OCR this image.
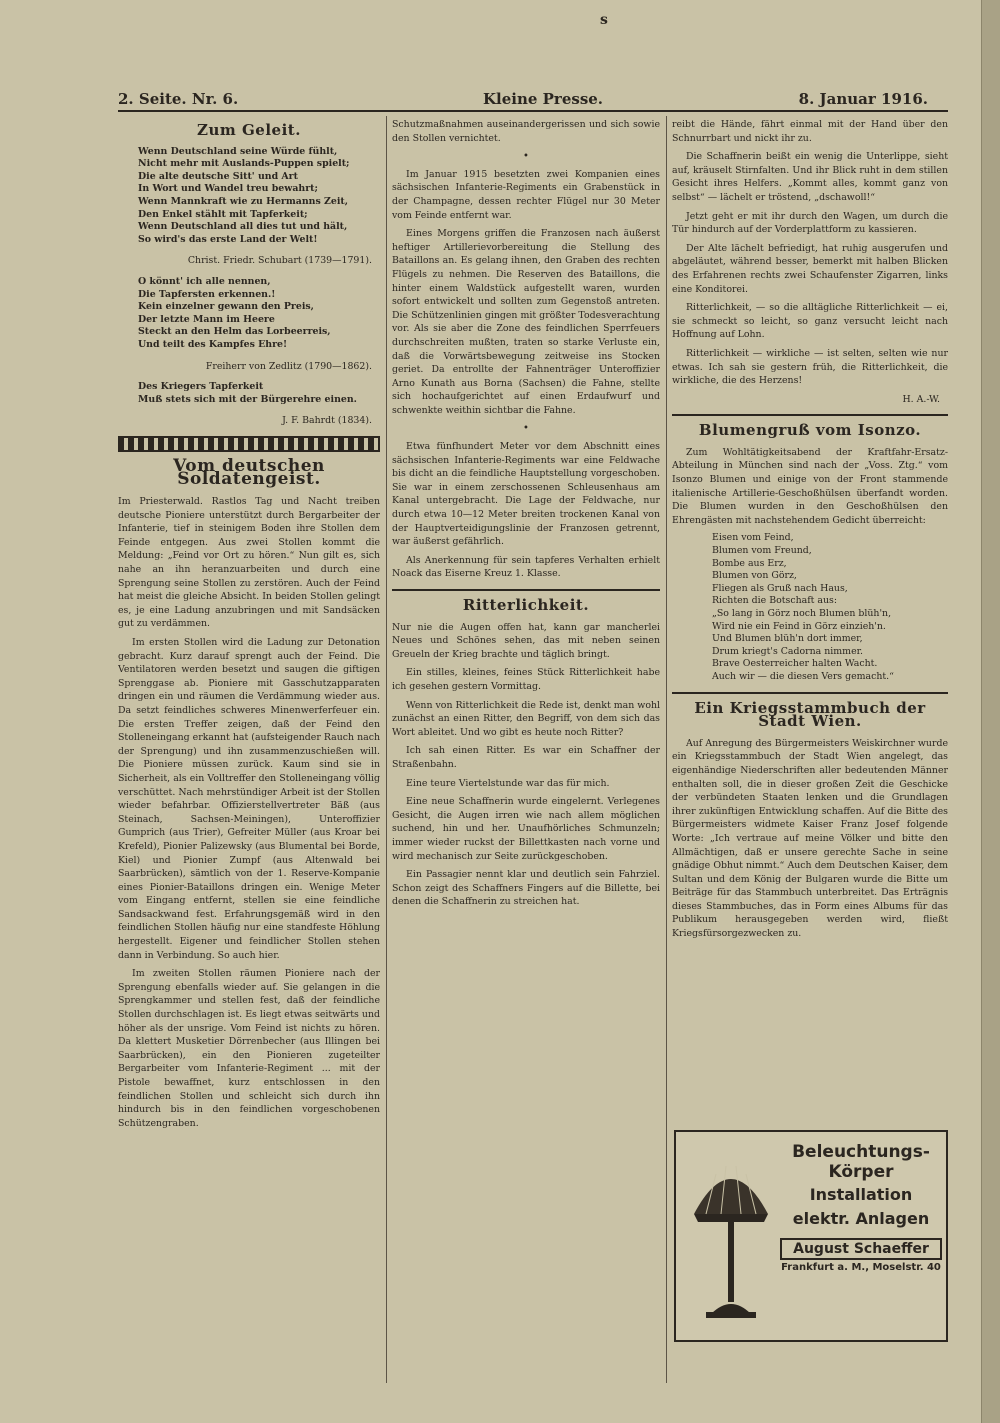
s
2. Seite. Nr. 6.	Kleine Presse.	8. Januar 1916.
Zum Geleit.
Wenn Deutschland seine Würde fühlt,
Nicht mehr mit Auslands-Puppen spielt;
Die alte deutsche Sitt' und Art
In Wort und Wandel treu bewahrt;
Wenn Mannkraft wie zu Hermanns Zeit,
Den Enkel stählt mit Tapferkeit;
Wenn Deutschland all dies tut und hält,
So wird's das erste Land der Welt!

Christ. Friedr. Schubart (1739—1791).

O könnt' ich alle nennen,
Die Tapfersten erkennen.!
Kein einzelner gewann den Preis,
Der letzte Mann im Heere
Steckt an den Helm das Lorbeerreis,
Und teilt des Kampfes Ehre!

Freiherr von Zedlitz (1790—1862).

Des Kriegers Tapferkeit
Muß stets sich mit der Bürgerehre einen.

J. F. Bahrdt (1834).

Vom deutschen Soldatengeist.

Im Priesterwald. Rastlos Tag und Nacht treiben deutsche Pioniere unterstützt durch Bergarbeiter der Infanterie, tief in steinigem Boden ihre Stollen dem Feinde entgegen. Aus zwei Stollen kommt die Meldung: „Feind vor Ort zu hören.“ Nun gilt es, sich nahe an ihn heranzuarbeiten und durch eine Sprengung seine Stollen zu zerstören. Auch der Feind hat meist die gleiche Absicht. In beiden Stollen gelingt es, je eine Ladung anzubringen und mit Sandsäcken gut zu verdämmen.

Im ersten Stollen wird die Ladung zur Detonation gebracht. Kurz darauf sprengt auch der Feind. Die Ventilatoren werden besetzt und saugen die giftigen Sprenggase ab. Pioniere mit Gasschutzapparaten dringen ein und räumen die Verdämmung wieder aus. Da setzt feindliches schweres Minenwerferfeuer ein. Die ersten Treffer zeigen, daß der Feind den Stolleneingang erkannt hat (aufsteigender Rauch nach der Sprengung) und ihn zusammenzuschießen will. Die Pioniere müssen zurück. Kaum sind sie in Sicherheit, als ein Volltreffer den Stolleneingang völlig verschüttet. Nach mehrstündiger Arbeit ist der Stollen wieder befahrbar. Offizierstellvertreter Bäß (aus Steinach, Sachsen-Meiningen), Unteroffizier Gumprich (aus Trier), Gefreiter Müller (aus Kroar bei Krefeld), Pionier Palizewsky (aus Blumental bei Borde, Kiel) und Pionier Zumpf (aus Altenwald bei Saarbrücken), sämtlich von der 1. Reserve-Kompanie eines Pionier-Bataillons dringen ein. Wenige Meter vom Eingang entfernt, stellen sie eine feindliche Sandsackwand fest. Erfahrungsgemäß wird in den feindlichen Stollen häufig nur eine standfeste Höhlung hergestellt. Eigener und feindlicher Stollen stehen dann in Verbindung. So auch hier.

Im zweiten Stollen räumen Pioniere nach der Sprengung ebenfalls wieder auf. Sie gelangen in die Sprengkammer und stellen fest, daß der feindliche Stollen durchschlagen ist. Es liegt etwas seitwärts und höher als der unsrige. Vom Feind ist nichts zu hören. Da klettert Musketier Dörrenbecher (aus Illingen bei Saarbrücken), ein den Pionieren zugeteilter Bergarbeiter vom Infanterie-Regiment ... mit der Pistole bewaffnet, kurz entschlossen in den feindlichen Stollen und schleicht sich durch ihn hindurch bis in den feindlichen vorgeschobenen Schützengraben.

Schutzmaßnahmen auseinandergerissen und sich sowie den Stollen vernichtet.

•

Im Januar 1915 besetzten zwei Kompanien eines sächsischen Infanterie-Regiments ein Grabenstück in der Champagne, dessen rechter Flügel nur 30 Meter vom Feinde entfernt war.

Eines Morgens griffen die Franzosen nach äußerst heftiger Artillerievorbereitung die Stellung des Bataillons an. Es gelang ihnen, den Graben des rechten Flügels zu nehmen. Die Reserven des Bataillons, die hinter einem Waldstück aufgestellt waren, wurden sofort entwickelt und sollten zum Gegenstoß antreten. Die Schützenlinien gingen mit größter Todesverachtung vor. Als sie aber die Zone des feindlichen Sperrfeuers durchschreiten mußten, traten so starke Verluste ein, daß die Vorwärtsbewegung zeitweise ins Stocken geriet. Da entrollte der Fahnenträger Unteroffizier Arno Kunath aus Borna (Sachsen) die Fahne, stellte sich hochaufgerichtet auf einen Erdaufwurf und schwenkte weithin sichtbar die Fahne.

•

Etwa fünfhundert Meter vor dem Abschnitt eines sächsischen Infanterie-Regiments war eine Feldwache bis dicht an die feindliche Hauptstellung vorgeschoben. Sie war in einem zerschossenen Schleusenhaus am Kanal untergebracht. Die Lage der Feldwache, nur durch etwa 10—12 Meter breiten trockenen Kanal von der Hauptverteidigungslinie der Franzosen getrennt, war äußerst gefährlich.

Als Anerkennung für sein tapferes Verhalten erhielt Noack das Eiserne Kreuz 1. Klasse.

Ritterlichkeit.

Nur nie die Augen offen hat, kann gar mancherlei Neues und Schönes sehen, das mit neben seinen Greueln der Krieg brachte und täglich bringt.

Ein stilles, kleines, feines Stück Ritterlichkeit habe ich gesehen gestern Vormittag.

Wenn von Ritterlichkeit die Rede ist, denkt man wohl zunächst an einen Ritter, den Begriff, von dem sich das Wort ableitet. Und wo gibt es heute noch Ritter?

Ich sah einen Ritter. Es war ein Schaffner der Straßenbahn.

Eine teure Viertelstunde war das für mich.

Eine neue Schaffnerin wurde eingelernt. Verlegenes Gesicht, die Augen irren wie nach allem möglichen suchend, hin und her. Unaufhörliches Schmunzeln; immer wieder ruckst der Billettkasten nach vorne und wird mechanisch zur Seite zurückgeschoben.

Ein Passagier nennt klar und deutlich sein Fahrziel. Schon zeigt des Schaffners Fingers auf die Billette, bei denen die Schaffnerin zu streichen hat.

reibt die Hände, fährt einmal mit der Hand über den Schnurrbart und nickt ihr zu.

Die Schaffnerin beißt ein wenig die Unterlippe, sieht auf, kräuselt Stirnfalten. Und ihr Blick ruht in dem stillen Gesicht ihres Helfers. „Kommt alles, kommt ganz von selbst“ — lächelt er tröstend, „dschawoll!“

Jetzt geht er mit ihr durch den Wagen, um durch die Tür hindurch auf der Vorderplattform zu kassieren.

Der Alte lächelt befriedigt, hat ruhig ausgerufen und abgeläutet, während besser, bemerkt mit halben Blicken des Erfahrenen rechts zwei Schaufenster Zigarren, links eine Konditorei.

Ritterlichkeit, — so die alltägliche Ritterlichkeit — ei, sie schmeckt so leicht, so ganz versucht leicht nach Hoffnung auf Lohn.

Ritterlichkeit — wirkliche — ist selten, selten wie nur etwas. Ich sah sie gestern früh, die Ritterlichkeit, die wirkliche, die des Herzens!

H. A.-W.

Blumengruß vom Isonzo.

Zum Wohltätigkeitsabend der Kraftfahr-Ersatz-Abteilung in München sind nach der „Voss. Ztg.“ vom Isonzo Blumen und einige von der Front stammende italienische Artillerie-Geschoßhülsen überfandt worden. Die Blumen wurden in den Geschoßhülsen den Ehrengästen mit nachstehendem Gedicht überreicht:

Eisen vom Feind,
Blumen vom Freund,
Bombe aus Erz,
Blumen von Görz,
Fliegen als Gruß nach Haus,
Richten die Botschaft aus:
„So lang in Görz noch Blumen blüh'n,
Wird nie ein Feind in Görz einzieh'n.
Und Blumen blüh'n dort immer,
Drum kriegt's Cadorna nimmer.
Brave Oesterreicher halten Wacht.
Auch wir — die diesen Vers gemacht.“
Ein Kriegsstammbuch der Stadt Wien.

Auf Anregung des Bürgermeisters Weiskirchner wurde ein Kriegsstammbuch der Stadt Wien angelegt, das eigenhändige Niederschriften aller bedeutenden Männer enthalten soll, die in dieser großen Zeit die Geschicke der verbündeten Staaten lenken und die Grundlagen ihrer zukünftigen Entwicklung schaffen. Auf die Bitte des Bürgermeisters widmete Kaiser Franz Josef folgende Worte: „Ich vertraue auf meine Völker und bitte den Allmächtigen, daß er unsere gerechte Sache in seine gnädige Obhut nimmt.“ Auch dem Deutschen Kaiser, dem Sultan und dem König der Bulgaren wurde die Bitte um Beiträge für das Stammbuch unterbreitet. Das Erträgnis dieses Stammbuches, das in Form eines Albums für das Publikum herausgegeben werden wird, fließt Kriegsfürsorgezwecken zu.

Beleuchtungs-
Körper
Installation
elektr. Anlagen
August Schaeffer
Frankfurt a. M., Moselstr. 40
